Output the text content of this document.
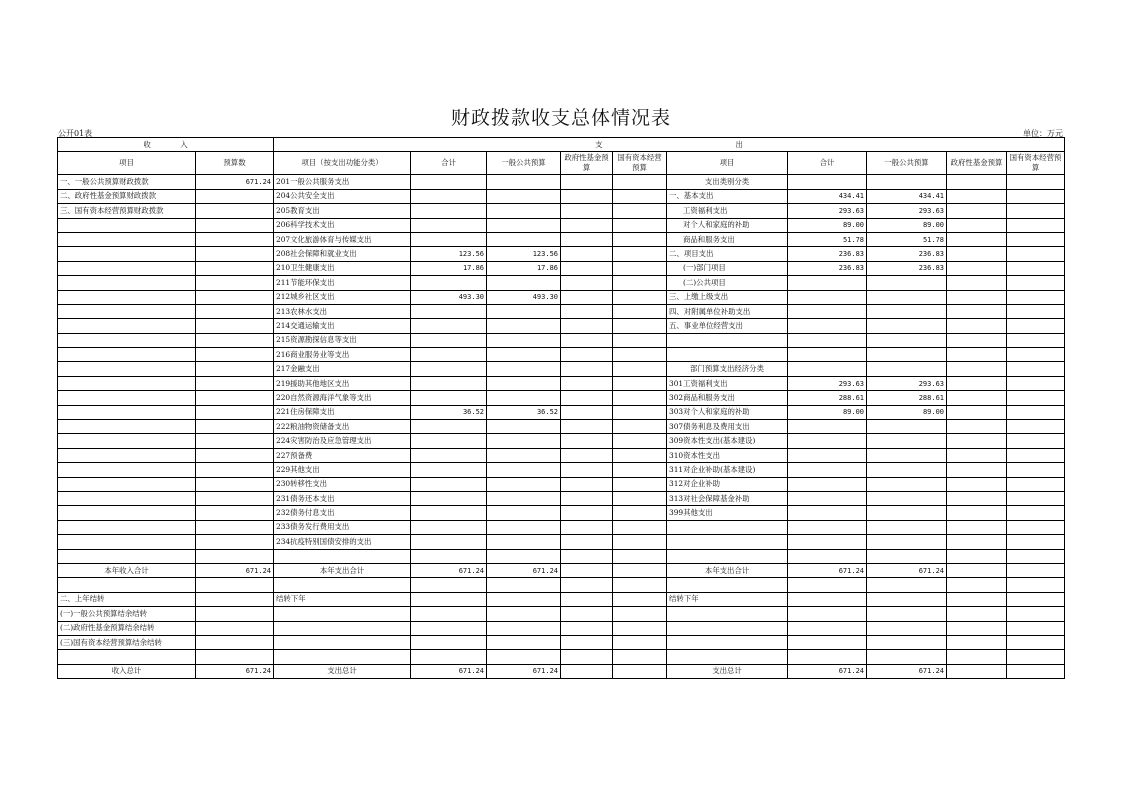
财政拨款收支总体情况表
公开01表	单位：万元
收　　　　入		支　　　　　　　　　　　　　　　　　　出									
项目	预算数	项目（按支出功能分类）	合计	一般公共预算	政府性基金预算	国有资本经营预算	项目	合计	一般公共预算	政府性基金预算	国有资本经营预算
一、一般公共预算财政拨款	671.24	201一般公共服务支出					支出类别分类				
二、政府性基金预算财政拨款		204公共安全支出					一、基本支出	434.41	434.41		
三、国有资本经营预算财政拨款		205教育支出					工资福利支出	293.63	293.63		
		206科学技术支出					对个人和家庭的补助	89.00	89.00		
		207文化旅游体育与传媒支出					商品和服务支出	51.78	51.78		
		208社会保障和就业支出	123.56	123.56			二、项目支出	236.83	236.83		
		210卫生健康支出	17.86	17.86			(一)部门项目	236.83	236.83		
		211节能环保支出					(二)公共项目				
		212城乡社区支出	493.30	493.30			三、上缴上级支出				
		213农林水支出					四、对附属单位补助支出				
		214交通运输支出					五、事业单位经营支出				
		215资源勘探信息等支出									
		216商业服务业等支出									
		217金融支出					部门预算支出经济分类				
		219援助其他地区支出					301工资福利支出	293.63	293.63		
		220自然资源海洋气象等支出					302商品和服务支出	288.61	288.61		
		221住房保障支出	36.52	36.52			303对个人和家庭的补助	89.00	89.00		
		222粮油物资储备支出					307债务利息及费用支出				
		224灾害防治及应急管理支出					309资本性支出(基本建设)				
		227预备费					310资本性支出				
		229其他支出					311对企业补助(基本建设)				
		230转移性支出					312对企业补助				
		231债务还本支出					313对社会保障基金补助				
		232债务付息支出					399其他支出				
		233债务发行费用支出									
		234抗疫特别国债安排的支出									

本年收入合计	671.24	本年支出合计	671.24	671.24			本年支出合计	671.24	671.24		

二、上年结转		结转下年					结转下年				
(一)一般公共预算结余结转											
(二)政府性基金预算结余结转											
(三)国有资本经营预算结余结转											

收入总计	671.24	支出总计	671.24	671.24			支出总计	671.24	671.24		
